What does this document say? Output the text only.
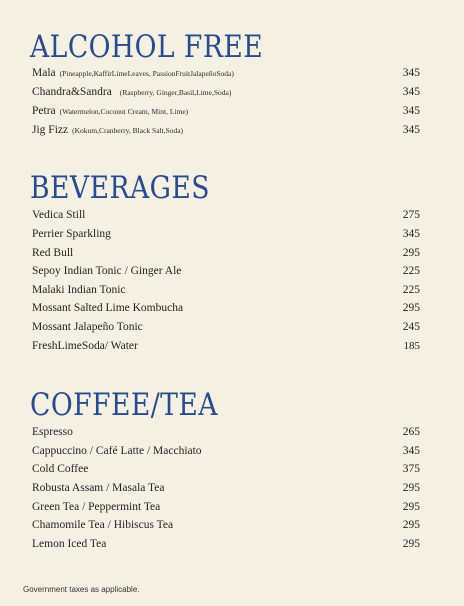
ALCOHOL FREE
Mala (Pineapple,KaffirLimeLeaves, PassionFruitJalapeñoSoda)	345
Chandra&Sandra (Raspberry, Ginger,Basil,Lime,Soda)	345
Petra (Watermelon,Coconut Cream, Mint, Lime)	345
Jig Fizz (Kokum,Cranberry, Black Salt,Soda)	345
BEVERAGES
Vedica Still	275
Perrier Sparkling	345
Red Bull	295
Sepoy Indian Tonic / Ginger Ale	225
Malaki Indian Tonic	225
Mossant Salted Lime Kombucha	295
Mossant Jalapeño Tonic	245
FreshLimeSoda/ Water	185
COFFEE/TEA
Espresso	265
Cappuccino / Café Latte / Macchiato	345
Cold Coffee	375
Robusta Assam / Masala Tea	295
Green Tea / Peppermint Tea	295
Chamomile Tea / Hibiscus Tea	295
Lemon Iced Tea	295
Government taxes as applicable.
